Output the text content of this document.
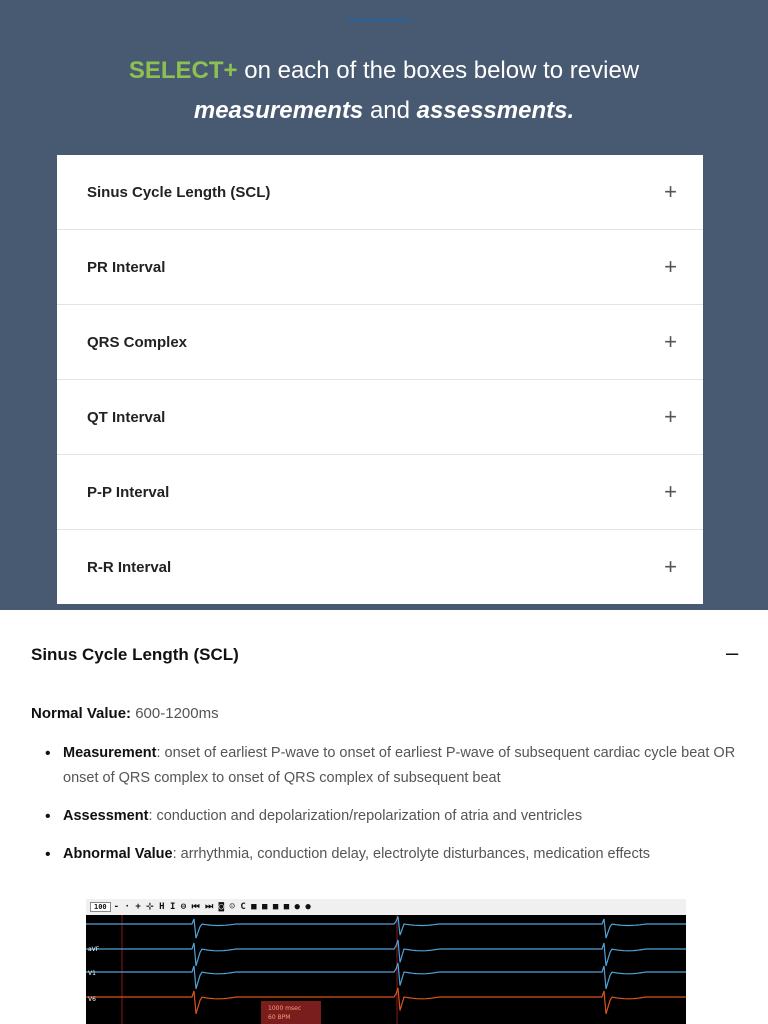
SELECT+ on each of the boxes below to review
measurements and assessments.
Sinus Cycle Length (SCL)	+
PR Interval	+
QRS Complex	+
QT Interval	+
P-P Interval	+
R-R Interval	+
Sinus Cycle Length (SCL)	–
Normal Value: 600-1200ms
• Measurement: onset of earliest P-wave to onset of earliest P-wave of subsequent cardiac cycle beat OR onset of QRS complex to onset of QRS complex of subsequent beat
• Assessment: conduction and depolarization/repolarization of atria and ventricles
• Abnormal Value: arrhythmia, conduction delay, electrolyte disturbances, medication effects
100 - · + ⊹ H I ⊖ ⏮ ⏭ ◙ ☺ C ■ ■ ■ ■ ● ●
aVF
V1
V6
1000 msec
60 BPM
